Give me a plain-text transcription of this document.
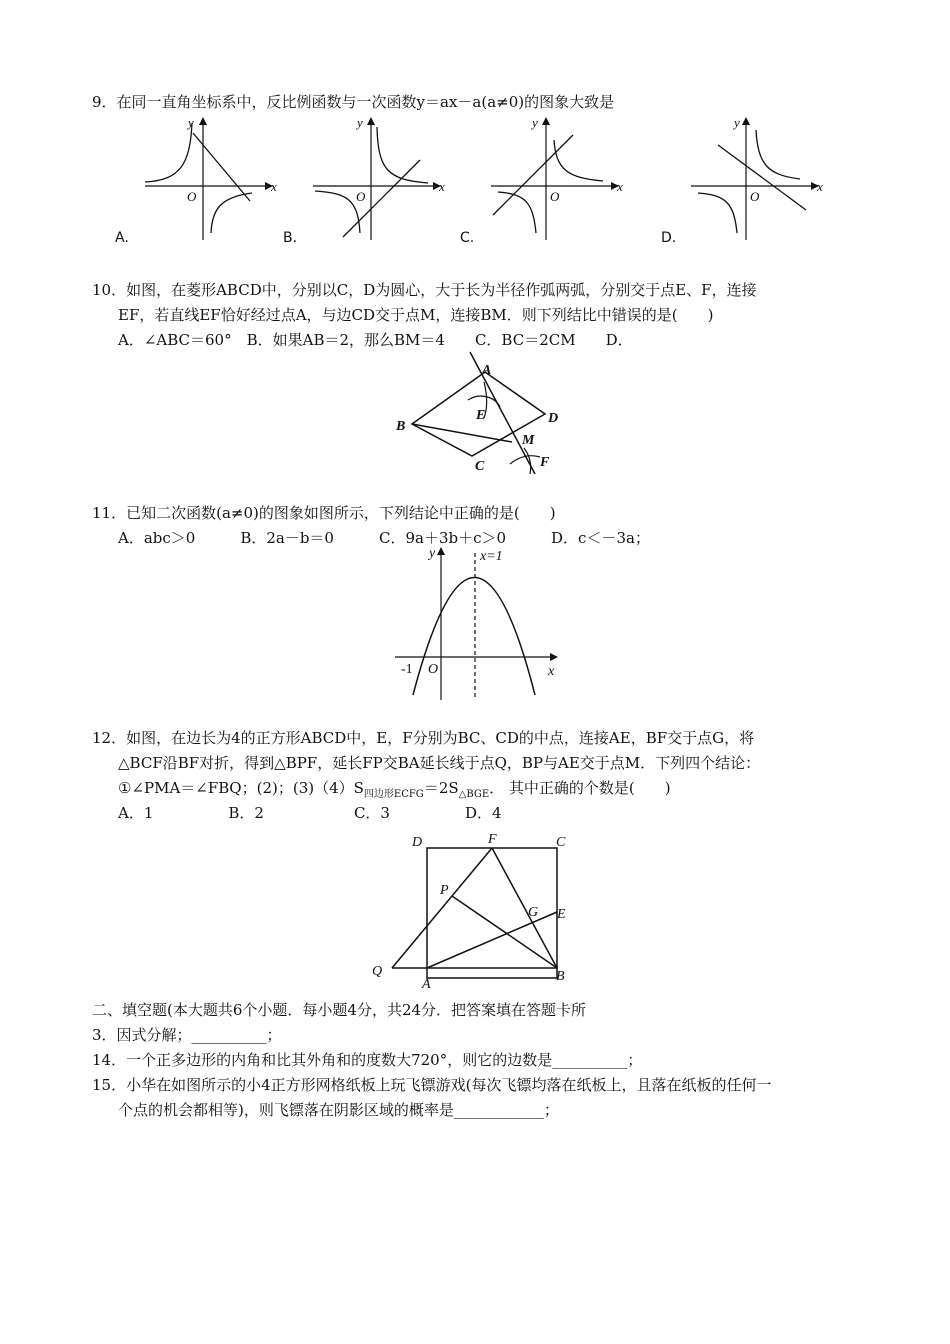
9．在同一直角坐标系中，反比例函数与一次函数y＝ax－a(a≠0)的图象大致是
y
x
O
A.
y
x
O
B.
y
x
O
C.
y
x
O
D.
10．如图，在菱形ABCD中，分别以C，D为圆心，大于长为半径作弧两弧，分别交于点E、F，连接
EF，若直线EF恰好经过点A，与边CD交于点M，连接BM．则下列结比中错误的是(　　)
A．∠ABC＝60°　B．如果AB＝2，那么BM＝4　　C．BC＝2CM　　D．
A
B
C
D
E
F
M
11．已知二次函数(a≠0)的图象如图所示，下列结论中正确的是(　　)
A．abc＞0　　　B．2a－b＝0　　　C．9a＋3b＋c＞0　　　D．c＜－3a；
y	x=1
x
-1 O
12．如图，在边长为4的正方形ABCD中，E，F分别为BC、CD的中点，连接AE，BF交于点G，将
△BCF沿BF对折，得到△BPF，延长FP交BA延长线于点Q，BP与AE交于点M．下列四个结论：
①∠PMA＝∠FBQ；(2)；$(3)(4)S_{四边形ECFG}=2S_{\triangle BGE}$． 其中正确的个数是(　　)
A．1　　　　　B．2　　　　　　C．3　　　　　D．4
D	F	C
P
G E
Q
A
B
二、填空题(本大题共6个小题．每小题4分，共24分．把答案填在答题卡所
3．因式分解；__________；
14．一个正多边形的内角和比其外角和的度数大720°，则它的边数是__________；
15．小华在如图所示的小4正方形网格纸板上玩飞镖游戏(每次飞镖均落在纸板上，且落在纸板的任何一
个点的机会都相等)，则飞镖落在阴影区域的概率是____________；
